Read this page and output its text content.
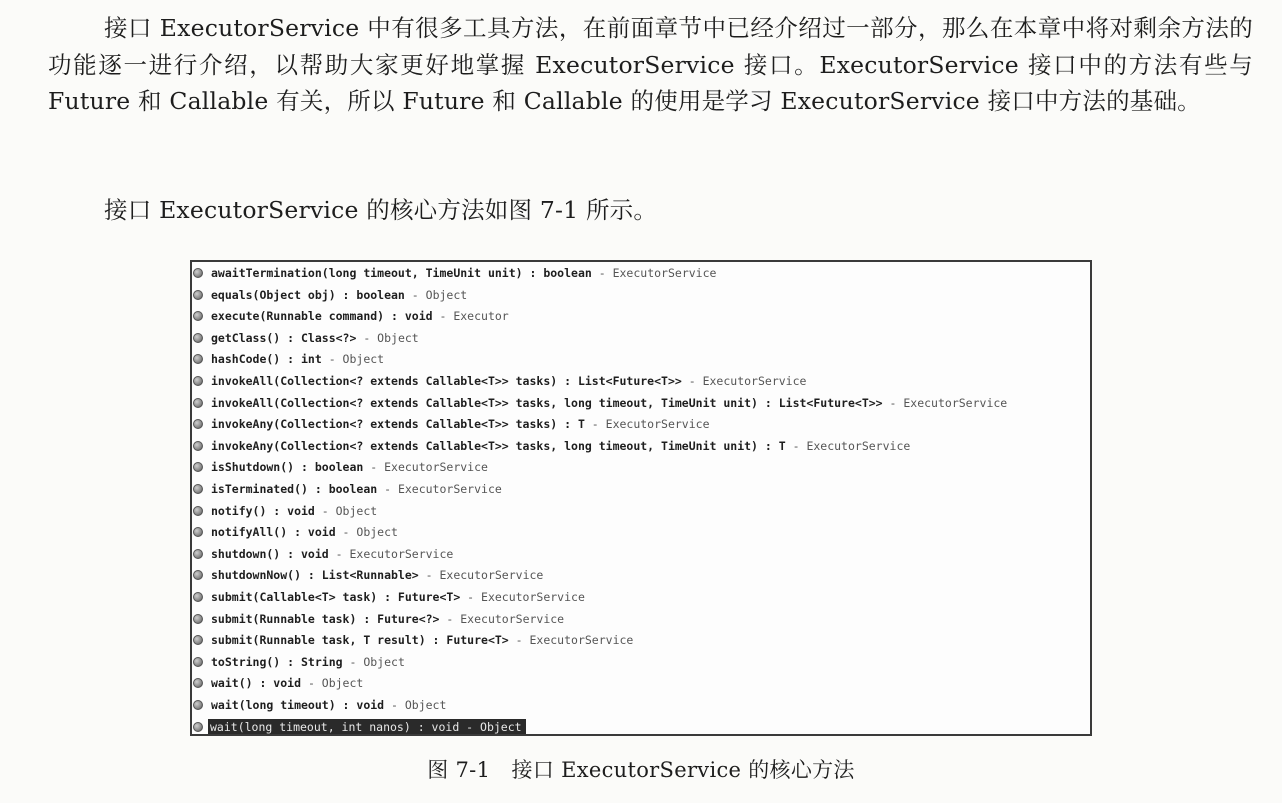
接口 ExecutorService 中有很多工具方法，在前面章节中已经介绍过一部分，那么在本章中将对剩余方法的功能逐一进行介绍，以帮助大家更好地掌握 ExecutorService 接口。ExecutorService 接口中的方法有些与 Future 和 Callable 有关，所以 Future 和 Callable 的使用是学习 ExecutorService 接口中方法的基础。

接口 ExecutorService 的核心方法如图 7-1 所示。

awaitTermination(long timeout, TimeUnit unit) : boolean - ExecutorService
equals(Object obj) : boolean - Object
execute(Runnable command) : void - Executor
getClass() : Class<?> - Object
hashCode() : int - Object
invokeAll(Collection<? extends Callable<T>> tasks) : List<Future<T>> - ExecutorService
invokeAll(Collection<? extends Callable<T>> tasks, long timeout, TimeUnit unit) : List<Future<T>> - ExecutorService
invokeAny(Collection<? extends Callable<T>> tasks) : T - ExecutorService
invokeAny(Collection<? extends Callable<T>> tasks, long timeout, TimeUnit unit) : T - ExecutorService
isShutdown() : boolean - ExecutorService
isTerminated() : boolean - ExecutorService
notify() : void - Object
notifyAll() : void - Object
shutdown() : void - ExecutorService
shutdownNow() : List<Runnable> - ExecutorService
submit(Callable<T> task) : Future<T> - ExecutorService
submit(Runnable task) : Future<?> - ExecutorService
submit(Runnable task, T result) : Future<T> - ExecutorService
toString() : String - Object
wait() : void - Object
wait(long timeout) : void - Object
wait(long timeout, int nanos) : void - Object
图 7-1　接口 ExecutorService 的核心方法
